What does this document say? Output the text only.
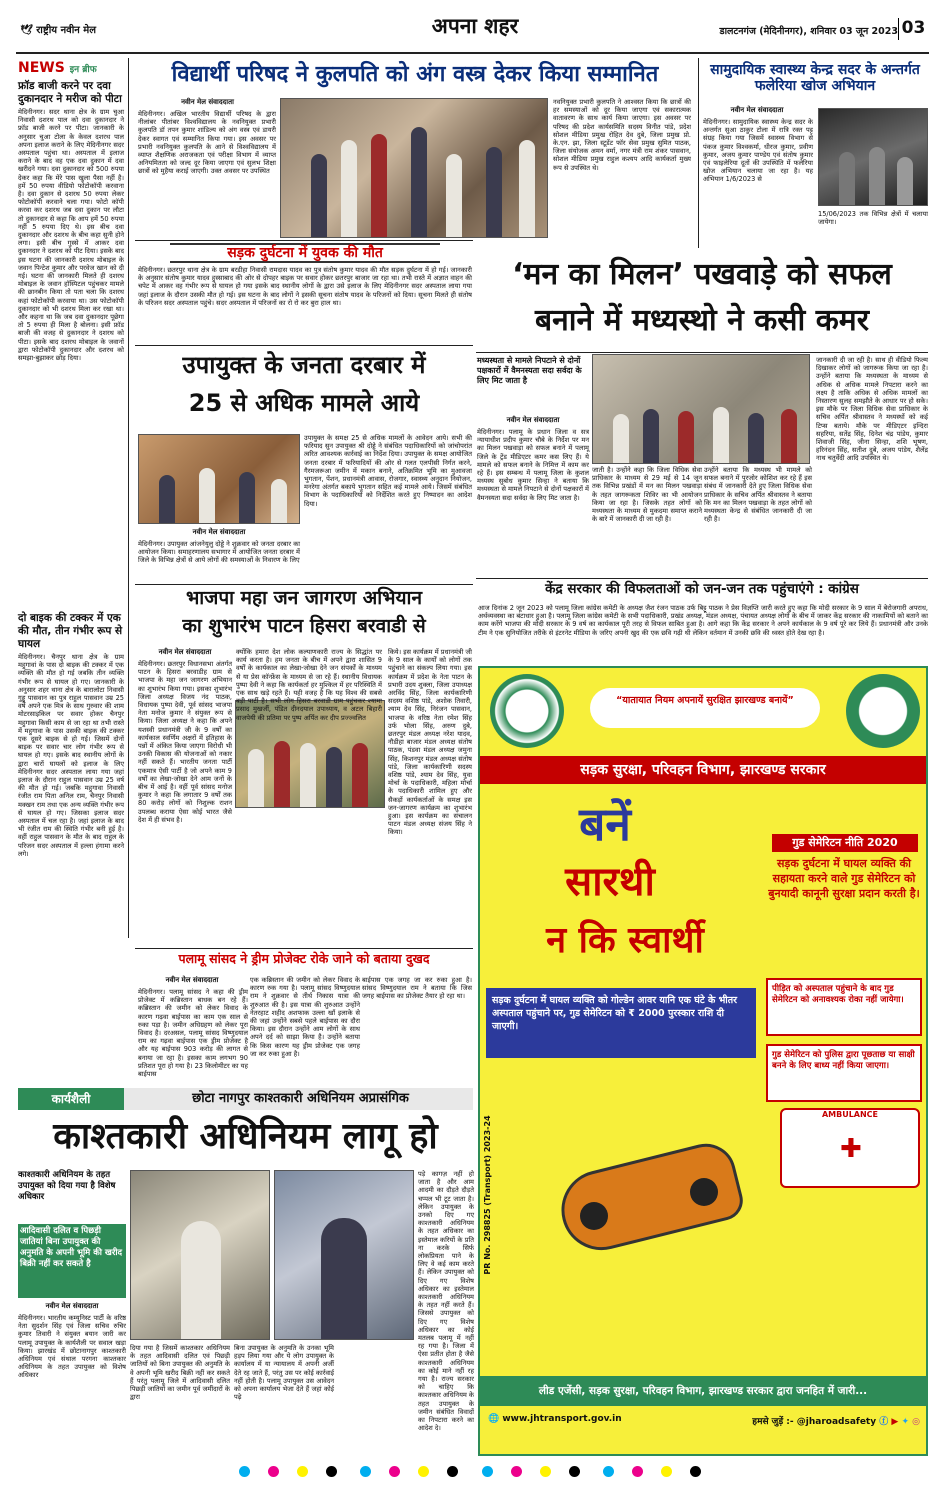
🕊 राष्ट्रीय नवीन मेल	अपना शहर	डालटनगंज (मेदिनीनगर), शनिवार 03 जून 2023 03
NEWS इन ब्रीफ
फ्रॉड बाजी करने पर दवा दुकानदार ने मरीज को पीटा
मेदिनीनगर। सदर थाना क्षेत्र के ग्राम चुआ निवासी दशरथ पाल को दवा दुकानदार ने फ्रॉड बाजी करने पर पीटा। जानकारी के अनुसार चुआ टोला के केवल दशरथ पाल अपना इलाज कराने के लिए मेदिनीनगर सदर अस्पताल पहुंचा था। अस्पताल में इलाज कराने के बाद वह एक दवा दुकान में दवा खरीदने गया। दवा दुकानदार को 500 रुपया देकर कहा कि मेरे पास खुला पैसा नहीं है। हमें 50 रुपया वीडियो फोटोकॉपी करवाना है। दवा दुकान से दशरथ 50 रुपया लेकर फोटोकॉपी करवाने चला गया। फोटो कॉपी करवा कर दशरथ जब दवा दुकान पर लौटा तो दुकानदार से कहा कि आप हमें 50 रुपया नहीं 5 रुपया दिए थे। इस बीच दवा दुकानदार और दशरथ के बीच कहा सुनी होने लगा। इसी बीच गुस्से में आकर दवा दुकानदार ने दशरथ को पीट दिया। इसके बाद इस घटना की जानकारी दशरथ मोबाइल के जवान पिन्टेश कुमार और परवेज खान को दी गई। घटना की जानकारी मिलते ही दशरथ मोबाइल के जवान हॉस्पिटल पहुंचकर मामले की छानबीन किया तो पता चला कि दशरथ कहां फोटोकॉपी करवाया था। उस फोटोकॉपी दुकानदार को भी दशरथ मिला कर रखा था। और कहना था कि जब दवा दुकानदार पूछेगा तो 5 रुपया ही मिला है बोलना। इसी फ्रॉड बाजी की वजह से दुकानदार ने दशरथ को पीटा। इसके बाद दशरथ मोबाइल के जवानों द्वारा फोटोकॉपी दुकानदार और दशरथ को समझा-बुझाकर छोड़ दिया।
दो बाइक की टक्कर में एक की मौत, तीन गंभीर रूप से घायल
मेदिनीनगर। चैनपुर थाना क्षेत्र के ग्राम महुगावां के पास दो बाइक की टक्कर में एक व्यक्ति की मौत हो गई जबकि तीन व्यक्ति गंभीर रूप से घायल हो गए। जानकारी के अनुसार शहर थाना क्षेत्र के बारालोटा निवासी गुड्डू पासवान का पुत्र राहुल पासवान उम्र 25 वर्ष अपने एक मित्र के साथ गुरुवार की शाम मोटरसाइकिल पर सवार होकर चैनपुर महुगावा किसी काम से जा रहा था तभी रास्ते में महुगावा के पास उसकी बाइक की टक्कर एक दूसरे बाइक से हो गई। जिसमें दोनों बाइक पर सवार चार लोग गंभीर रूप से घायल हो गए। इसके बाद स्थानीय लोगों के द्वारा चारों घायलों को इलाज के लिए मेदिनीनगर सदर अस्पताल लाया गया जहां इलाज के दौरान राहुल पासवान उम्र 25 वर्ष की मौत हो गई। जबकि महुगावा निवासी रंजीत राम पिता अनिल राम, चैनपुर निवासी मक्खन राम तथा एक अन्य व्यक्ति गंभीर रूप से घायल हो गए। जिसका इलाज सदर अस्पताल में चल रहा है। जहां इलाज के बाद भी रंजीत राम की स्थिति गंभीर बनी हुई है। वहीं राहुल पासवान के मौत के बाद राहुल के परिजन सदर अस्पताल में हल्ला हंगामा करने लगे।
विद्यार्थी परिषद ने कुलपति को अंग वस्त्र देकर किया सम्मानित
नवीन मेल संवाददाता
मेदिनीनगर। अखिल भारतीय विद्यार्थी परिषद के द्वारा नीलांबर पीतांबर विश्वविद्यालय के नवनियुक्त प्रभारी कुलपति डॉ तपन कुमार शांडिल्य को अंग वस्त्र एवं डायरी देकर स्वागत एवं सम्मानित किया गया। इस अवसर पर प्रभारी नवनियुक्त कुलपति के आने से विश्वविद्यालय में व्याप्त शैक्षणिक अराजकता एवं परीक्षा विभाग में व्याप्त अनियमितता को जल्द दूर किया जाएगा एवं सुलभ शिक्षा छात्रों को मुहैया कराई जाएगी। उक्त अवसर पर उपस्थित
नवनियुक्त प्रभारी कुलपति ने आश्वस्त किया कि छात्रों की हर समस्याओं को दूर किया जाएगा एवं सकारात्मक वातावरण के साथ कार्य किया जाएगा। इस अवसर पर परिषद की प्रदेश कार्यसमिति सदस्य विनीत पांडे, प्रदेश सोशल मीडिया प्रमुख रोहित देव दुबे, जिला प्रमुख प्रो. के.एन. झा, जिला स्टूडेंट फॉर सेवा प्रमुख सुमित पाठक, जिला संयोजक अमन वर्मा, नगर मंत्री राम शंकर पासवान, सोशल मीडिया प्रमुख राहुल कश्यप आदि कार्यकर्ता मुख्य रूप से उपस्थित थे।
सामुदायिक स्वास्थ्य केन्द्र सदर के अन्तर्गत फलेरिया खोज अभियान
नवीन मेल संवाददाता
मेदिनीनगर। सामुदायिक स्वास्थ्य केन्द्र सदर के अन्तर्गत सुआ ठाकुर टोला में रात्रि रक्त पट्ट संग्रह किया गया जिसमें स्वास्थ्य विभाग से पंकज कुमार विश्वकर्मा, धीरज कुमार, प्रवीण कुमार, अजय कुमार पाण्डेय एवं संतोष कुमार एवं फाइलेरिया दूतों की उपस्थिति में फलेरिया खोज अभियान चलाया जा रहा है। यह अभियान 1/6/2023 से
15/06/2023 तक विभिन्न क्षेत्रों में चलाया जायेगा।
सड़क दुर्घटना में युवक की मौत
मेदिनीनगर। छतरपुर थाना क्षेत्र के ग्राम बरडीहा निवासी रामदास यादव का पुत्र संतोष कुमार यादव की मौत सड़क दुर्घटना में हो गई। जानकारी के अनुसार संतोष कुमार यादव हुस्साबाद की ओर से दोपहर बाइक पर सवार होकर छतरपुर बाजार जा रहा था। तभी रास्ते में अज्ञात वाहन की चपेट में आकर वह गंभीर रूप से घायल हो गया इसके बाद स्थानीय लोगों के द्वारा उसे इलाज के लिए मेदिनीनगर सदर अस्पताल लाया गया जहां इलाज के दौरान उसकी मौत हो गई। इस घटना के बाद लोगों ने इसकी सूचना संतोष यादव के परिजनों को दिया। सूचना मिलते ही संतोष के परिजन सदर अस्पताल पहुंचे। सदर अस्पताल में परिजनों का रो रो कर बुरा हाल था।
‘मन का मिलन’ पखवाड़े को सफल
बनाने में मध्यस्थो ने कसी कमर
मध्यस्थता से मामले निपटाने से दोनों पक्षकारों में वैमनस्यता सदा सर्वदा के लिए मिट जाता है
नवीन मेल संवाददाता
मेदिनीनगर। पलामू के प्रधान जिला व सत्र न्यायाधीश प्रदीप कुमार चौबे के निर्देश पर मन का मिलन पखवाड़ा को सफल बनाने में पलामू जिले के ट्रेंड मीडिएटर कमर कस लिए हैं। ये मामले को सफल बनाने के निमित्त में काम कर रहे हैं। इस सम्बन्ध में पलामू जिला के कुशल मध्यस्थ सुबोध कुमार सिन्हा ने बताया कि मध्यस्थता से मामले निपटाने से दोनों पक्षकारों में वैमनस्यता सदा सर्वदा के लिए मिट जाता है।
जाती है। उन्होंने कहा कि जिला विधिक सेवा प्राधिकार के माध्यम से 29 मई से 14 जून तक विभिन्न प्रखंडों में मन का मिलन पखवाड़ा के तहत जागरूकता शिविर का भी आयोजन किया जा रहा है। जिसके तहत लोगों को मध्यस्थता के माध्यम से मुकदमा समाप्त कराने के बारे में जानकारी दी जा रही है।
उन्होंने बताया कि मध्यस्थ भी मामले को सफल बनाने में पुरजोर कोशिश कर रहे हैं इस संबंध में जानकारी देते हुए जिला विधिक सेवा प्राधिकार के सचिव अर्पित श्रीवास्तव ने बताया कि मन का मिलन पखवाड़ा के तहत लोगों को मध्यस्थता केन्द्र से संबंधित जानकारी दी जा रही है।
जानकारी दी जा रही है। साथ ही वीडियो फिल्म दिखाकर लोगों को जागरूक किया जा रहा है। उन्होंने बताया कि मध्यस्थता के माध्यम से अधिक से अधिक मामले निपटारा करने का लक्ष्य है ताकि अधिक से अधिक मामलों का निस्तारण सुलह समझौते के आधार पर हो सके। इस मौके पर जिला विधिक सेवा प्राधिकार के सचिव अर्पित श्रीवास्तव ने मध्यस्थों को कई टिप्स बताये। मौके पर मीडिएटर इन्दिरा सहरिया, सतेंद्र सिंह, दिनेश चंद्र पांडेय, कुमार शिवाजी सिंह, जीना सिन्हा, शशि भूषण, हरिनंदन सिंह, सतीश दुबे, अजय पांडेय, शैलेंद्र नाथ चतुर्वेदी आदि उपस्थित थे।
उपायुक्त के जनता दरबार में
25 से अधिक मामले आये
नवीन मेल संवाददाता
मेदिनीनगर। उपायुक्त आंजनेयुलु दोड्डे ने शुक्रवार को जनता दरबार का आयोजन किया। समाहरणालय सभागार में आयोजित जनता दरबार में जिले के विभिन्न क्षेत्रों से आये लोगों की समस्याओं के निवारण के लिए
उपायुक्त के समक्ष 25 से अधिक मामलों के आवेदन आये। सभी की फरियाद सुन उपायुक्त श्री दोड्डे ने संबंधित पदाधिकारियों को जांचोपरांत त्वरित आवश्यक कार्रवाई का निर्देश दिया। उपायुक्त के समक्ष आयोजित जनता दरबार में फरियादियों की ओर से गलत एलपीसी निर्गत करने, गैरमजरूआ जमीन में मकान बनाने, अतिक्रमित भूमि का मुआवजा भुगतान, पेंशन, प्रधानमंत्री आवास, रोजगार, स्वास्थ्य अनुदान नियोजन, मनरेगा अंतर्गत बकाये भुगतान सहित कई मामले आये। जिसमें संबंधित विभाग के पदाधिकारियों को निर्देशित करते हुए निष्पादन का आदेश दिया।
केंद्र सरकार की विफलताओं को जन-जन तक पहुंचाएंगे : कांग्रेस
आज दिनांक 2 जून 2023 को पलामू जिला कांग्रेस कमेटी के अध्यक्ष जैश रंजन पाठक उर्फ बिट्टू पाठक ने प्रेस विज्ञप्ति जारी करते हुए कहा कि मोदी सरकार के 9 साल में बेरोजगारी अपराध, अर्थव्यवस्था का बंटाधार हुआ है। पलामू जिला कांग्रेस कमेटी के सभी पदाधिकारी, प्रखंड अध्यक्ष, मंडल अध्यक्ष, पंचायत अध्यक्ष लोगों के बीच में जाकर केंद्र सरकार की नाकामियों को बताने का काम करेंगे भाजपा की मोदी सरकार के 9 वर्ष का कार्यकाल पूरी तरह से विफल साबित हुआ है। आगे कहा कि केंद्र सरकार ने अपने कार्यकाल के 9 वर्ष पूरे कर लिये हैं। प्रधानमंत्री और उनके टीम ने एक सुनियोजित तरीके से इंटरनेट मीडिया के जरिए अपनी खुद की एक छवि गढ़ी थी लेकिन वर्तमान में उनकी छवि की ध्वस्त होते देख रहा है।
भाजपा महा जन जागरण अभियान
का शुभारंभ पाटन हिसरा बरवाडी से
नवीन मेल संवाददाता
मेदिनीनगर। छतरपुर विधानसभा अंतर्गत पाटन के हिसरा बरवाडीह ग्राम से भाजपा के महा जन जागरण अभियान का शुभारंभ किया गया। इसका शुभारंभ जिला अध्यक्ष विजय नंद पाठक, विधायक पुष्पा देवी, पूर्व सांसद भाजपा नेता मनोज कुमार ने संयुक्त रूप से किया। जिला अध्यक्ष ने कहा कि अपने यशस्वी प्रधानमंत्री जी के 9 वर्षों का कार्यकाल स्वर्णिम अक्षरों में इतिहास के पन्नों में अंकित किया जाएगा विरोधी भी उनकी विकास की योजनाओं को नकार नहीं सकते हैं। भारतीय जनता पार्टी एकमात्र ऐसी पार्टी है जो अपने काम 9 वर्षों का लेखा-जोखा देने आम जनों के बीच में आई है। वहीं पूर्व सांसद मनोज कुमार ने कहा कि लगातार 9 वर्षों तक 80 करोड़ लोगों को निशुल्क राशन उपलब्ध कराया ऐसा कोई भारत जैसे देश में ही संभव है।
क्योंकि हमारा देश लोक कल्याणकारी राज्य के सिद्धांत पर कार्य करता है। हम जनता के बीच में अपने द्वारा शासित 9 वर्षों के कार्यकाल का लेखा-जोखा देने जन संपर्कों के माध्यम से या प्रेस कॉन्फ्रेंस के माध्यम से जा रहे हैं। स्थानीय विधायक पुष्पा देवी ने कहा कि कार्यकर्ता हर मुश्किल में हर परिस्थिति में एक साथ खड़े रहते हैं। यही वजह है कि यह विश्व की सबसे बड़ी पार्टी है। सभी लोग हिसरा बरवाडी ग्राम पहुंचकर श्यामा प्रसाद मुखर्जी, पंडित दीनदयाल उपाध्याय, व अटल बिहारी वाजपेयी की प्रतिमा पर पुष्प अर्पित कर दीप प्रज्ज्वलित
किये। इस कार्यक्रम में प्रधानमंत्री जी के 9 साल के कार्यों को लोगों तक पहुंचाने का संकल्प लिया गया। इस कार्यक्रम में प्रदेश के नेता पाटन के प्रभारी उदय शुक्ला, जिला उपाध्यक्ष अरविंद सिंह, जिला कार्यकारिणी सदस्य वशिष्ठ पांडे, अशोक तिवारी, श्याम देव सिंह, निरंजन पासवान, भाजपा के वरिष्ठ नेता रमेश सिंह उर्फ भोला सिंह, अरुण दुबे, छतरपुर मंडल अध्यक्ष नरेश यादव, नौडीहा बाजार मंडल अध्यक्ष संतोष पाठक, पंडवा मंडल अध्यक्ष जमुना सिंह, किशनपुर मंडल अध्यक्ष संतोष पांडे, जिला कार्यकारिणी सदस्य वशिष्ठ पांडे, श्याम देव सिंह, युवा मोर्चा के पदाधिकारी, महिला मोर्चा के पदाधिकारी शामिल हुए और सैकड़ों कार्यकर्ताओं के समक्ष इस जन-जागरण कार्यक्रम का शुभारंभ हुआ। इस कार्यक्रम का संचालन पाटन मंडल अध्यक्ष संजय सिंह ने किया।
“यातायात नियम अपनायें सुरक्षित झारखण्ड बनायें”
सड़क सुरक्षा, परिवहन विभाग, झारखण्ड सरकार
बनें
सारथी
न कि स्वार्थी
गुड सेमेरिटन नीति 2020
सड़क दुर्घटना में घायल व्यक्ति की सहायता करने वाले गुड सेमेरिटन को बुनयादी कानूनी सुरक्षा प्रदान करती है।
सड़क दुर्घटना में घायल व्यक्ति को गोल्डेन आवर यानि एक घंटे के भीतर अस्पताल पहुंचाने पर, गुड सेमेरिटन को ₹ 2000 पुरस्कार राशि दी जाएगी।
पीड़ित को अस्पताल पहुंचाने के बाद गुड सेमेरिटन को अनावश्यक रोका नहीं जायेगा।
गुड सेमेरिटन को पुलिस द्वारा पूछताछ या साक्षी बनने के लिए बाध्य नहीं किया जाएगा।
PR No. 298825 (Transport) 2023-24
AMBULANCE
✚
लीड एजेंसी, सड़क सुरक्षा, परिवहन विभाग, झारखण्ड सरकार द्वारा जनहित में जारी...
🌐 www.jhtransport.gov.in	हमसे जुड़ें :- @jharoadsafety ⓕ ▶ ✦ ◎
पलामू सांसद ने ड्रीम प्रोजेक्ट रोके जाने को बताया दुखद
नवीन मेल संवाददाता
मेदिनीनगर। पलामू सांसद ने कहा की ड्रीम प्रोजेक्ट में कब्रिस्तान बाधक बन रहे हैं। कब्रिस्तान की जमीन को लेकर विवाद के कारण गढ़वा बाईपास का काम एक साल से रुका पड़ा है। जमीन अधिग्रहण को लेकर पूरा विवाद है। दरअसल, पलामू सांसद विष्णुदयाल राम का गढ़वा बाईपास एक ड्रीम प्रोजेक्ट है और यह बाईपास 903 करोड़ की लागत से बनाया जा रहा है। इसका काम लगभग 90 प्रतिशत पूरा हो गया है। 23 किलोमीटर का यह बाईपास
एक कब्रिस्तान की जमीन को लेकर विवाद के कारण रुक गया है। पलामू सांसद विष्णुदयाल राम ने शुक्रवार से तीर्थ निकास यात्रा की शुरुआत की है। इस यात्रा की शुरुआत उन्होंने नेतरहाट शहीद अशफाक उल्ला खाँ इलाके से की जहां उन्होंने सबसे पहले बाईपास का दौरा किया। इस दौरान उन्होंने आम लोगों के साथ अपने दर्द को साझा किया है। उन्होंने बताया कि किस कारण यह ड्रीम प्रोजेक्ट एक जगह जा कर रुका हुआ है।
बाईपास एक जगह जा कर रुका हुआ है। सांसद विष्णुदयाल राम ने बताया कि जिस जगह बाईपास का प्रोजेक्ट तैयार हो रहा था।
कार्यशैली	छोटा नागपुर काश्तकारी अधिनियम अप्रासंगिक
काश्तकारी अधिनियम लागू हो
काश्तकारी अधिनियम के तहत उपायुक्त को दिया गया है विशेष अधिकार
आदिवासी दलित व पिछड़ी जातियां बिना उपायुक्त की अनुमति के अपनी भूमि की खरीद बिक्री नहीं कर सकते है
नवीन मेल संवाददाता
मेदिनीनगर। भारतीय कम्युनिस्ट पार्टी के वरिष्ठ नेता सुदर्शन सिंह एवं जिला सचिव रुचिर कुमार तिवारी ने संयुक्त बयान जारी कर पलामू उपायुक्त के कार्यशैली पर सवाल खड़ा किया। झारखंड में छोटानागपुर काश्तकारी अधिनियम एवं संथाल परगना काश्तकार अधिनियम के तहत उपायुक्त को विशेष अधिकार
दिया गया है जिसमें काश्तकार अधिनियम के तहत आदिवासी दलित एवं पिछड़ी जातियों को बिना उपायुक्त की अनुमति के वे अपनी भूमि खरीद बिक्री नहीं कर सकते हैं परंतु पलामू जिले में आदिवासी दलित पिछड़ी जातियों का जमीन पूर्व जमींदारों के द्वारा
बिना उपायुक्त के अनुमति के उनका भूमि हड़प लिया गया और ये लोग उपायुक्त के कार्यालय में या न्यायालय में अपनी अर्जी देते रह जाते हैं, परंतु उस पर कोई कार्रवाई नहीं होती है। पलामू उपायुक्त उस आवेदन को अपना कार्यालय भेजा देते हैं जहां कोई पढ़े
पड़े कागज़ नहीं हो जाता है और आम आदमी का दौड़ते दौड़ते चप्पल भी टूट जाता है। लेकिन उपायुक्त के उनको दिए गए काश्तकारी अधिनियम के तहत अधिकार का इस्तेमाल करियों के प्रति ना करके सिर्फ लोकप्रियता पाने के लिए वे कई काम करते हैं। लेकिन उपायुक्त को दिए गए विशेष अधिकार का इस्तेमाल काश्तकारी अधिनियम के तहत नहीं करते हैं। जिससे उपायुक्त को दिए गए विशेष अधिकार का कोई मतलब पलामू में नहीं रह गया है। जिला में ऐसा प्रतीत होता है जैसे काश्तकारी अधिनियम का कोई माने नहीं रह गया है। राज्य सरकार को चाहिए कि काश्तकार अधिनियम के तहत उपायुक्त के जमीन संबंधित विवादों का निपटारा करने का आदेश दे।
